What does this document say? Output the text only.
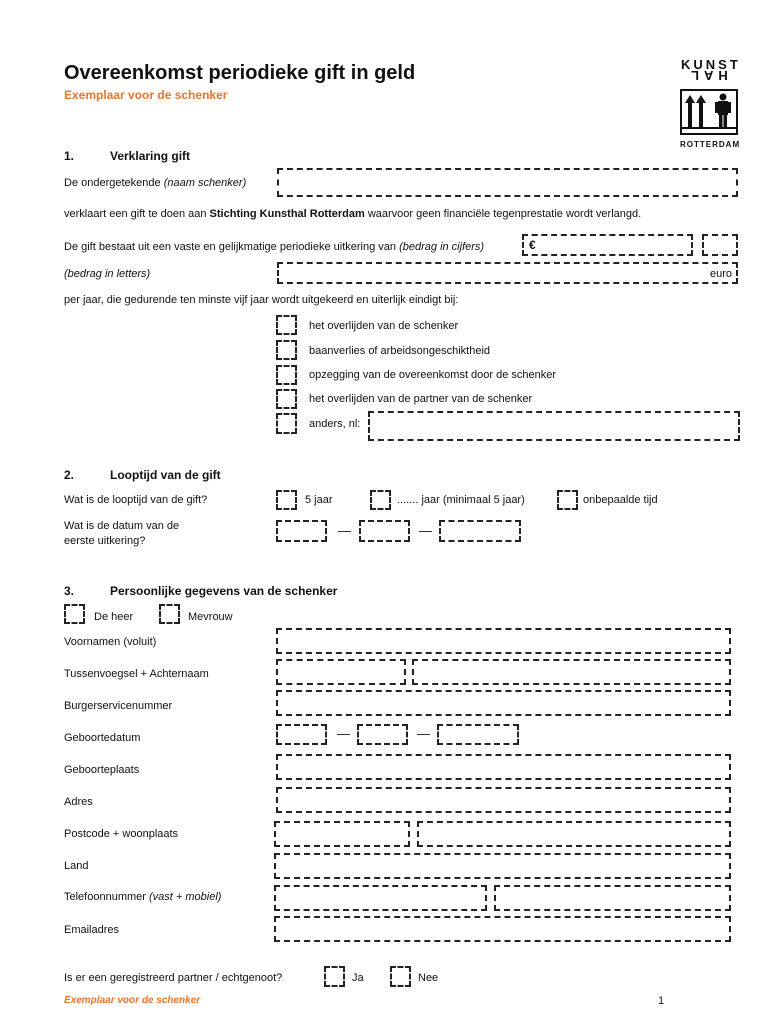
KUNST
HAL
ROTTERDAM
Overeenkomst periodieke gift in geld
Exemplaar voor de schenker
1.	Verklaring gift
De ondergetekende (naam schenker)
verklaart een gift te doen aan Stichting Kunsthal Rotterdam waarvoor geen financiële tegenprestatie wordt verlangd.
De gift bestaat uit een vaste en gelijkmatige periodieke uitkering van (bedrag in cijfers)	€
(bedrag in letters)	euro
per jaar, die gedurende ten minste vijf jaar wordt uitgekeerd en uiterlijk eindigt bij:
het overlijden van de schenker
baanverlies of arbeidsongeschiktheid
opzegging van de overeenkomst door de schenker
het overlijden van de partner van de schenker
anders, nl:
2.	Looptijd van de gift
Wat is de looptijd van de gift?	5 jaar	....... jaar (minimaal 5 jaar)	onbepaalde tijd
Wat is de datum van de
eerste uitkering?
—	—
3.	Persoonlijke gegevens van de schenker
De heer	Mevrouw
Voornamen (voluit)
Tussenvoegsel + Achternaam
Burgerservicenummer
Geboortedatum	—	—
Geboorteplaats
Adres
Postcode + woonplaats
Land
Telefoonnummer (vast + mobiel)
Emailadres
Is er een geregistreerd partner / echtgenoot?	Ja	Nee
Exemplaar voor de schenker	1
